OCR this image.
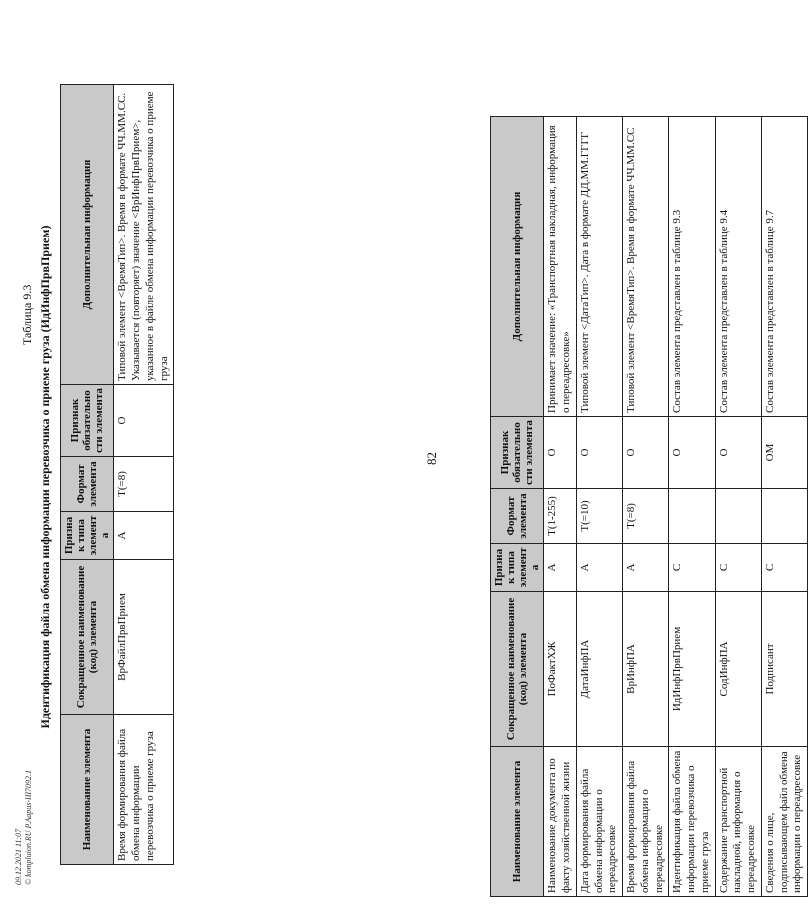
82
Наименование элемента	Сокращенное наименование (код) элемента	Признак типа элемента	Формат элемента	Признак обязательности элемента	Дополнительная информация
Наименование документа по факту хозяйственной жизни	ПоФактХЖ	А	Т(1-255)	О	Принимает значение: «Транспортная накладная, информация о переадресовке»
Дата формирования файла обмена информации о переадресовке	ДатаИнфПА	А	Т(=10)	О	Типовой элемент <ДатаТип>. Дата в формате ДД.ММ.ГГГГ
Время формирования файла обмена информации о переадресовке	ВрИнфПА	А	Т(=8)	О	Типовой элемент <ВремяТип>. Время в формате ЧЧ.ММ.СС
Идентификация файла обмена информации перевозчика о приеме груза	ИдИнфПрвПрием	С		О	Состав элемента представлен в таблице 9.3
Содержание транспортной накладной, информация о переадресовке	СодИнфПА	С		О	Состав элемента представлен в таблице 9.4
Сведения о лице, подписывающем файл обмена информации о переадресовке	Подписант	С		ОМ	Состав элемента представлен в таблице 9.7
Таблица 9.3 Идентификация файла обмена информации перевозчика о приеме груза (ИдИнфПрвПрием)
Наименование элемента	Сокращенное наименование (код) элемента	Признак типа элемента	Формат элемента	Признак обязательности элемента	Дополнительная информация
Время формирования файла обмена информации перевозчика о приеме груза	ВрФайлПрвПрием	А	Т(=8)	О	Типовой элемент <ВремяТип>. Время в формате ЧЧ.ММ.СС. Указывается (повторяет) значение <ВрИнфПрвПрием>, указанное в файле обмена информации перевозчика о приеме груза
09.12.2021 11:07 © kompluion.RU P.Aapus-III7092.1
